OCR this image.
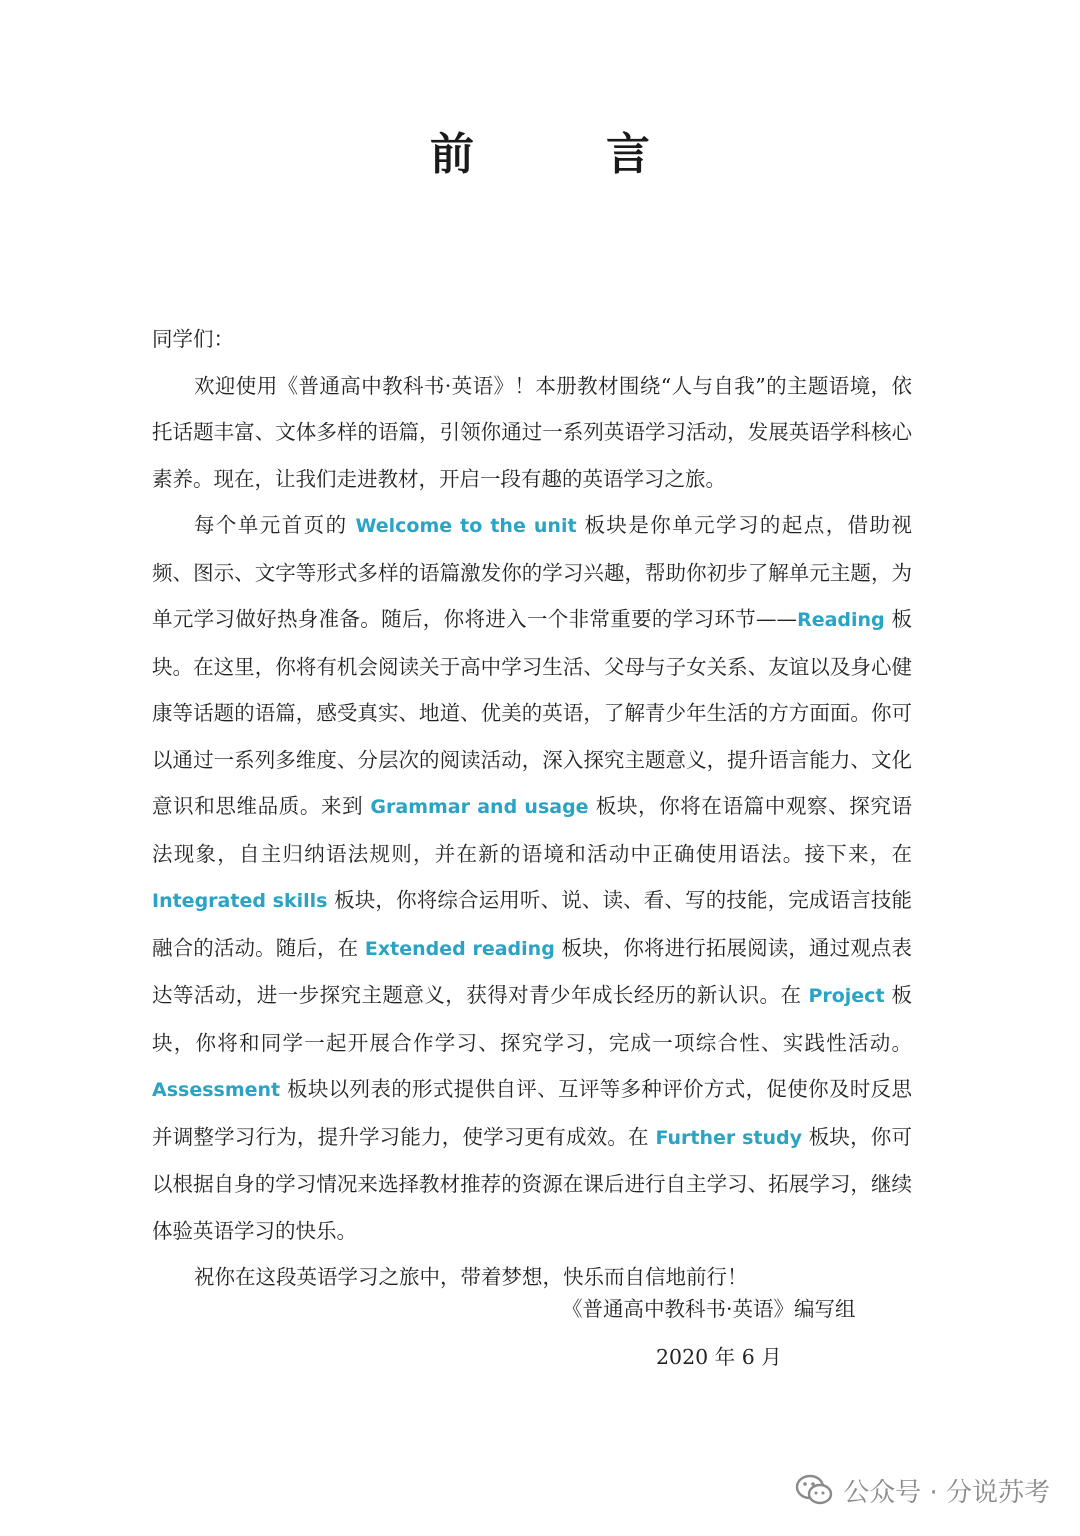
前　言

同学们：

欢迎使用《普通高中教科书·英语》！本册教材围绕“人与自我”的主题语境，依托话题丰富、文体多样的语篇，引领你通过一系列英语学习活动，发展英语学科核心素养。现在，让我们走进教材，开启一段有趣的英语学习之旅。

每个单元首页的 Welcome to the unit 板块是你单元学习的起点，借助视频、图示、文字等形式多样的语篇激发你的学习兴趣，帮助你初步了解单元主题，为单元学习做好热身准备。随后，你将进入一个非常重要的学习环节——Reading 板块。在这里，你将有机会阅读关于高中学习生活、父母与子女关系、友谊以及身心健康等话题的语篇，感受真实、地道、优美的英语，了解青少年生活的方方面面。你可以通过一系列多维度、分层次的阅读活动，深入探究主题意义，提升语言能力、文化意识和思维品质。来到 Grammar and usage 板块，你将在语篇中观察、探究语法现象，自主归纳语法规则，并在新的语境和活动中正确使用语法。接下来，在 Integrated skills 板块，你将综合运用听、说、读、看、写的技能，完成语言技能融合的活动。随后，在 Extended reading 板块，你将进行拓展阅读，通过观点表达等活动，进一步探究主题意义，获得对青少年成长经历的新认识。在 Project 板块，你将和同学一起开展合作学习、探究学习，完成一项综合性、实践性活动。Assessment 板块以列表的形式提供自评、互评等多种评价方式，促使你及时反思并调整学习行为，提升学习能力，使学习更有成效。在 Further study 板块，你可以根据自身的学习情况来选择教材推荐的资源在课后进行自主学习、拓展学习，继续体验英语学习的快乐。

祝你在这段英语学习之旅中，带着梦想，快乐而自信地前行！

《普通高中教科书·英语》编写组
2020 年 6 月
公众号 · 分说苏考
